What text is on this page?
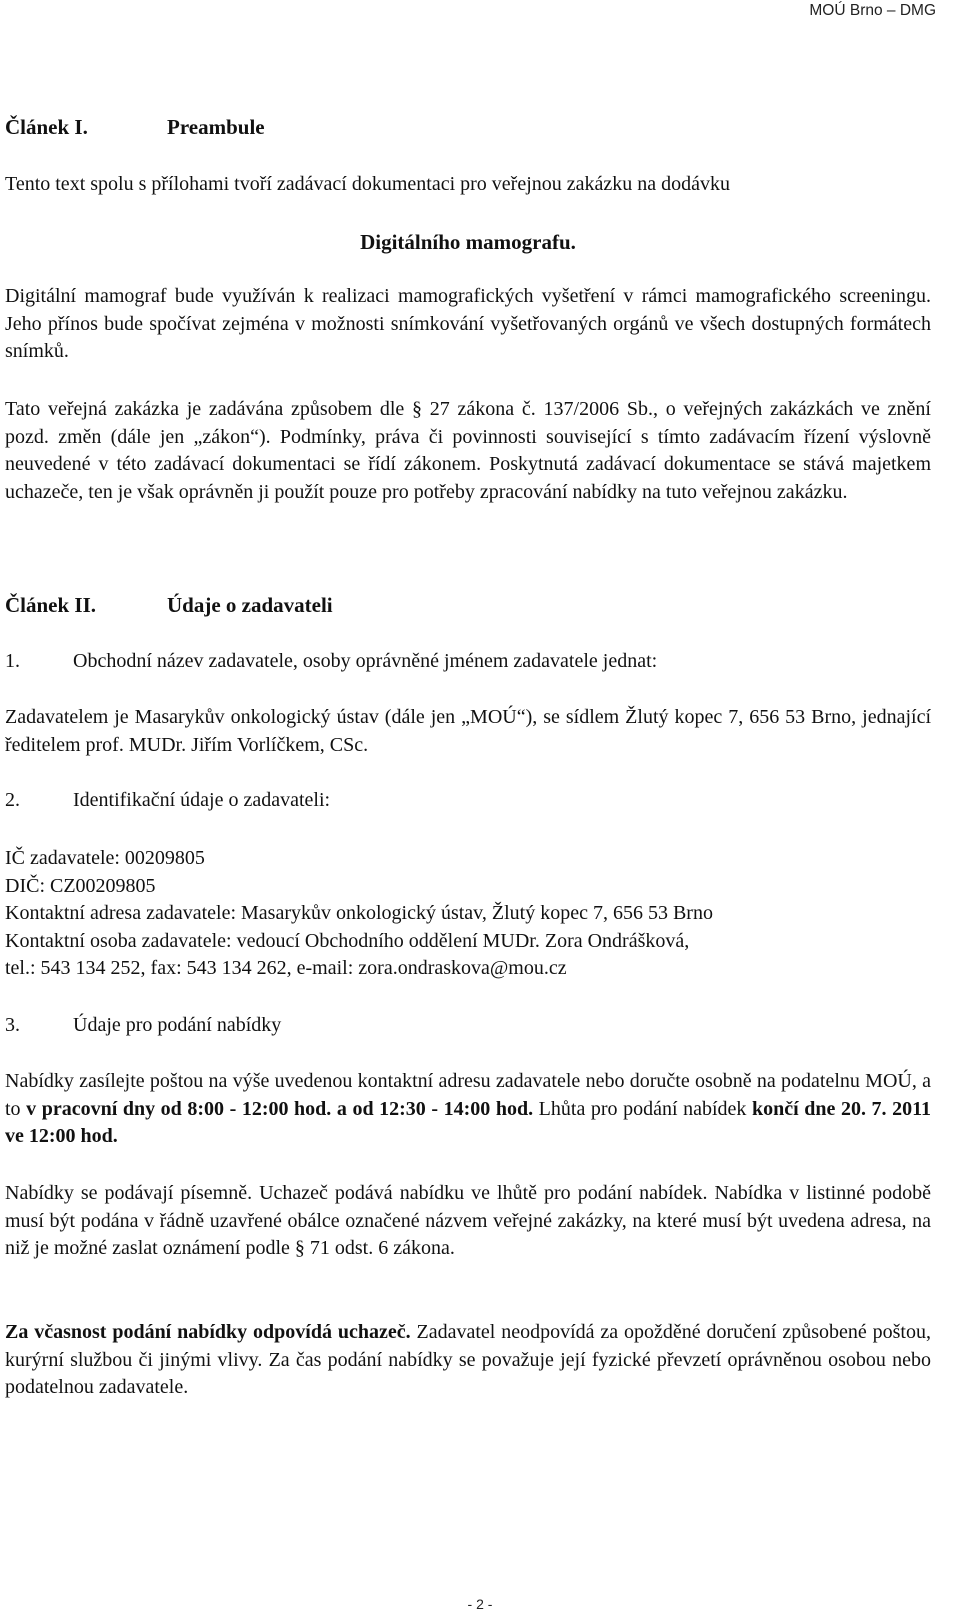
MOÚ Brno – DMG
Článek I.	Preambule
Tento text spolu s přílohami tvoří zadávací dokumentaci pro veřejnou zakázku na dodávku
Digitálního mamografu.
Digitální mamograf bude využíván k realizaci mamografických vyšetření v rámci mamografického screeningu. Jeho přínos bude spočívat zejména v možnosti snímkování vyšetřovaných orgánů ve všech dostupných formátech snímků.
Tato veřejná zakázka je zadávána způsobem dle § 27 zákona č. 137/2006 Sb., o veřejných zakázkách ve znění pozd. změn (dále jen „zákon“). Podmínky, práva či povinnosti související s tímto zadávacím řízení výslovně neuvedené v této zadávací dokumentaci se řídí zákonem. Poskytnutá zadávací dokumentace se stává majetkem uchazeče, ten je však oprávněn ji použít pouze pro potřeby zpracování nabídky na tuto veřejnou zakázku.
Článek II.	Údaje o zadavateli
1.	Obchodní název zadavatele, osoby oprávněné jménem zadavatele jednat:
Zadavatelem je Masarykův onkologický ústav (dále jen „MOÚ“), se sídlem Žlutý kopec 7, 656 53 Brno, jednající ředitelem prof. MUDr. Jiřím Vorlíčkem, CSc.
2.	Identifikační údaje o zadavateli:
IČ zadavatele: 00209805
DIČ: CZ00209805
Kontaktní adresa zadavatele: Masarykův onkologický ústav, Žlutý kopec 7, 656 53 Brno
Kontaktní osoba zadavatele: vedoucí Obchodního oddělení MUDr. Zora Ondrášková,
tel.: 543 134 252, fax: 543 134 262, e-mail: zora.ondraskova@mou.cz
3.	Údaje pro podání nabídky
Nabídky zasílejte poštou na výše uvedenou kontaktní adresu zadavatele nebo doručte osobně na podatelnu MOÚ, a to v pracovní dny od 8:00 - 12:00 hod. a od 12:30 - 14:00 hod. Lhůta pro podání nabídek končí dne 20. 7. 2011 ve 12:00 hod.
Nabídky se podávají písemně. Uchazeč podává nabídku ve lhůtě pro podání nabídek. Nabídka v listinné podobě musí být podána v řádně uzavřené obálce označené názvem veřejné zakázky, na které musí být uvedena adresa, na niž je možné zaslat oznámení podle § 71 odst. 6 zákona.
Za včasnost podání nabídky odpovídá uchazeč. Zadavatel neodpovídá za opožděné doručení způsobené poštou, kurýrní službou či jinými vlivy. Za čas podání nabídky se považuje její fyzické převzetí oprávněnou osobou nebo podatelnou zadavatele.
- 2 -
